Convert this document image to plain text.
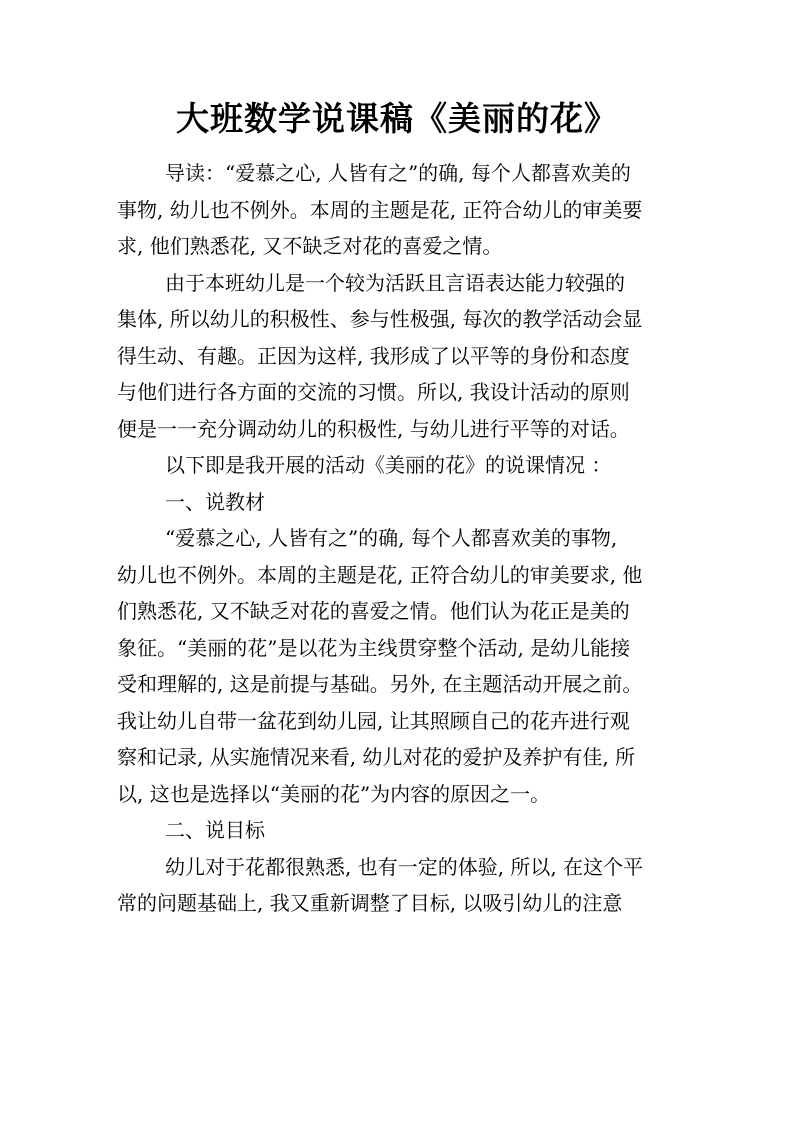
大班数学说课稿《美丽的花》
导读：“爱慕之心, 人皆有之”的确, 每个人都喜欢美的
事物, 幼儿也不例外。本周的主题是花, 正符合幼儿的审美要
求, 他们熟悉花, 又不缺乏对花的喜爱之情。
由于本班幼儿是一个较为活跃且言语表达能力较强的
集体, 所以幼儿的积极性、参与性极强, 每次的教学活动会显
得生动、有趣。正因为这样, 我形成了以平等的身份和态度
与他们进行各方面的交流的习惯。所以, 我设计活动的原则
便是一一充分调动幼儿的积极性, 与幼儿进行平等的对话。
以下即是我开展的活动《美丽的花》的说课情况 ：
一、说教材
“爱慕之心, 人皆有之”的确, 每个人都喜欢美的事物,
幼儿也不例外。本周的主题是花, 正符合幼儿的审美要求, 他
们熟悉花, 又不缺乏对花的喜爱之情。他们认为花正是美的
象征。“美丽的花”是以花为主线贯穿整个活动, 是幼儿能接
受和理解的, 这是前提与基础。另外, 在主题活动开展之前。
我让幼儿自带一盆花到幼儿园, 让其照顾自己的花卉进行观
察和记录, 从实施情况来看, 幼儿对花的爱护及养护有佳, 所
以, 这也是选择以“美丽的花”为内容的原因之一。
二、说目标
幼儿对于花都很熟悉, 也有一定的体验, 所以, 在这个平
常的问题基础上, 我又重新调整了目标, 以吸引幼儿的注意
